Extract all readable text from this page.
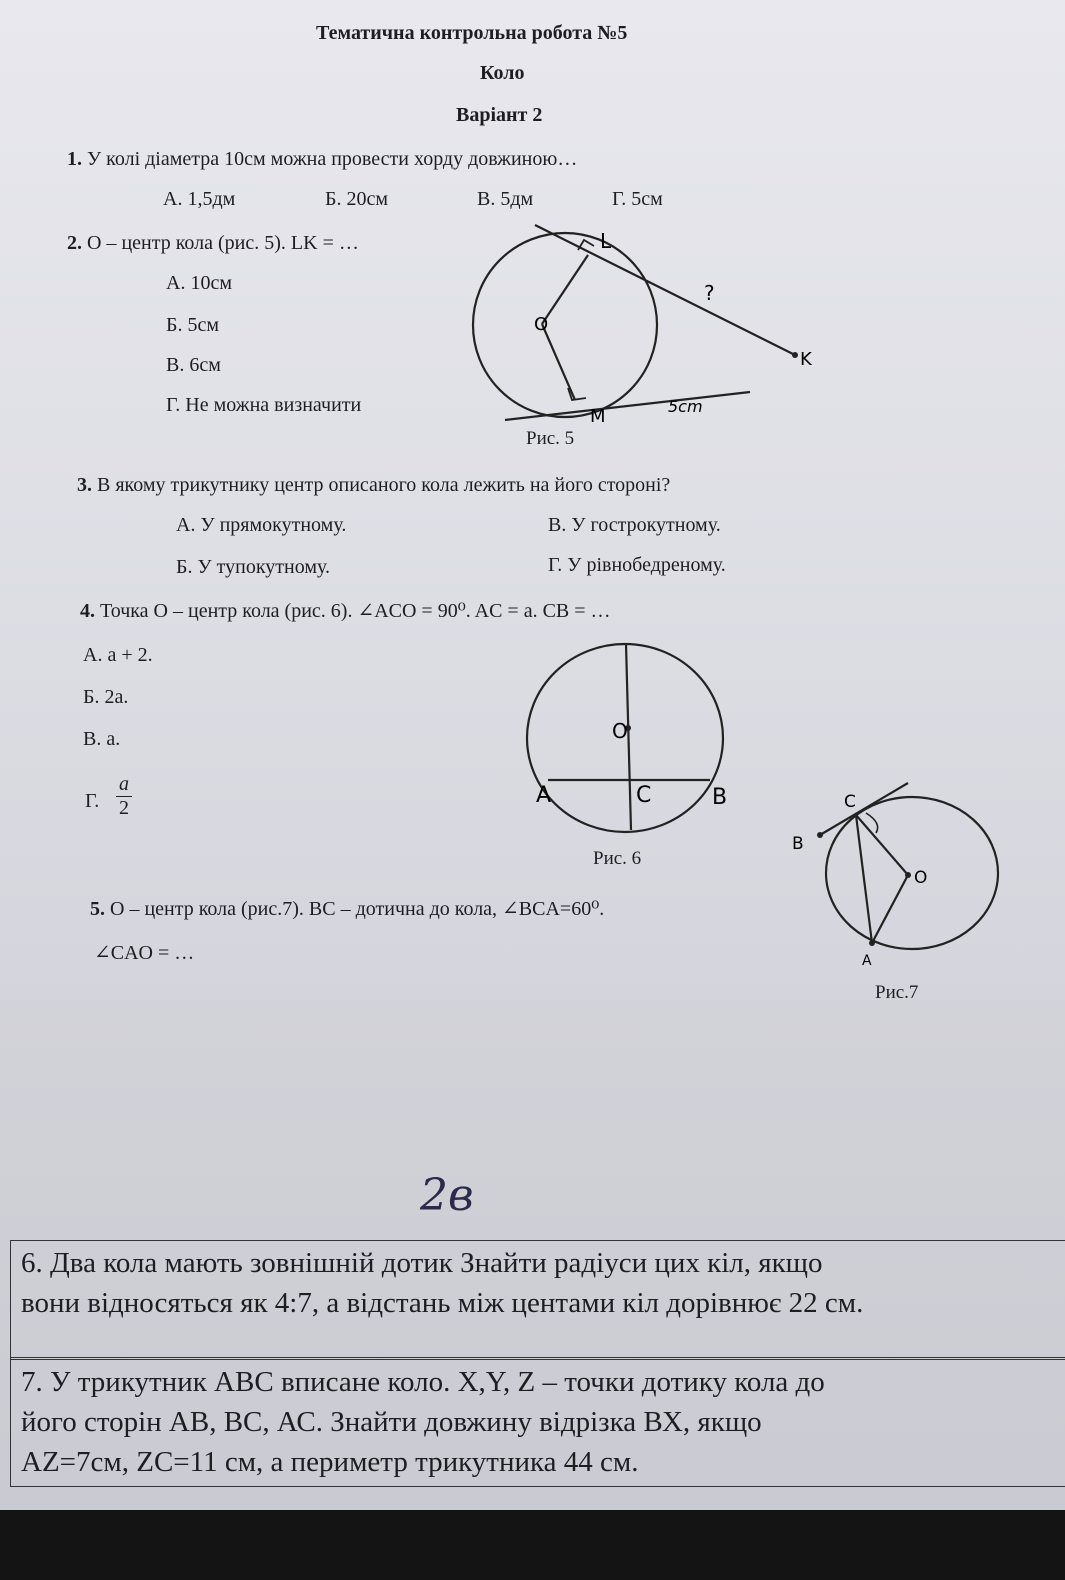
Тематична контрольна робота №5
Коло
Варіант 2
1. У колі діаметра 10см можна провести хорду довжиною…
А. 1,5дм	Б. 20см	В. 5дм	Г. 5см
2. О – центр кола (рис. 5). LK = …
А. 10см
Б. 5см
В. 6см
Г. Не можна визначити
L
O
K
M
?
5cm
Рис. 5
3. В якому трикутнику центр описаного кола лежить на його стороні?
А. У прямокутному.	В. У гострокутному.
Б. У тупокутному.	Г. У рівнобедреному.
4. Точка О – центр кола (рис. 6). ∠ACO = 90⁰. AC = a. CB = …
А. a + 2.
Б. 2a.
В. a.
Г.
a
2
O
A	C	B
Рис. 6
5. О – центр кола (рис.7). ВС – дотична до кола, ∠BCA=60⁰.
∠CAO = …
C
B
O
A
Рис.7
2в
6. Два кола мають зовнішній дотик Знайти радіуси цих кіл, якщо
вони відносяться як 4:7, а відстань між центами кіл дорівнює 22 см.
7. У трикутник АВС вписане коло. X,Y, Z – точки дотику кола до
його сторін АВ, ВС, АС. Знайти довжину відрізка ВХ, якщо
AZ=7см, ZC=11 см, а периметр трикутника 44 см.
